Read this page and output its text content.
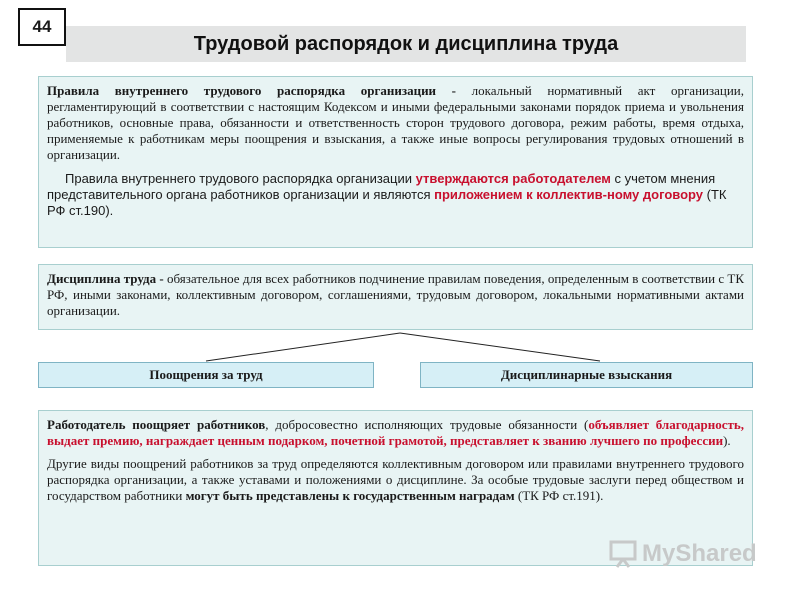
44
Трудовой распорядок и дисциплина труда

Правила внутреннего трудового распорядка организации - локальный нормативный акт организации, регламентирующий в соответствии с настоящим Кодексом и иными федеральными законами порядок приема и увольнения работников, основные права, обязанности и ответственность сторон трудового договора, режим работы, время отдыха, применяемые к работникам меры поощрения и взыскания, а также иные вопросы регулирования трудовых отношений в организации.

Правила внутреннего трудового распорядка организации утверждаются работодателем с учетом мнения представительного органа работников организации и являются приложением к коллектив-ному договору (ТК РФ ст.190).

Дисциплина труда - обязательное для всех работников подчинение правилам поведения, определенным в соответствии с ТК РФ, иными законами, коллективным договором, соглашениями, трудовым договором, локальными нормативными актами организации.

Поощрения за труд	Дисциплинарные взыскания

Работодатель поощряет работников, добросовестно исполняющих трудовые обязанности (объявляет благодарность, выдает премию, награждает ценным подарком, почетной грамотой, представляет к званию лучшего по профессии).

Другие виды поощрений работников за труд определяются коллективным договором или правилами внутреннего трудового распорядка организации, а также уставами и положениями о дисциплине. За особые трудовые заслуги перед обществом и государством работники могут быть представлены к государственным наградам (ТК РФ ст.191).

MyShared
